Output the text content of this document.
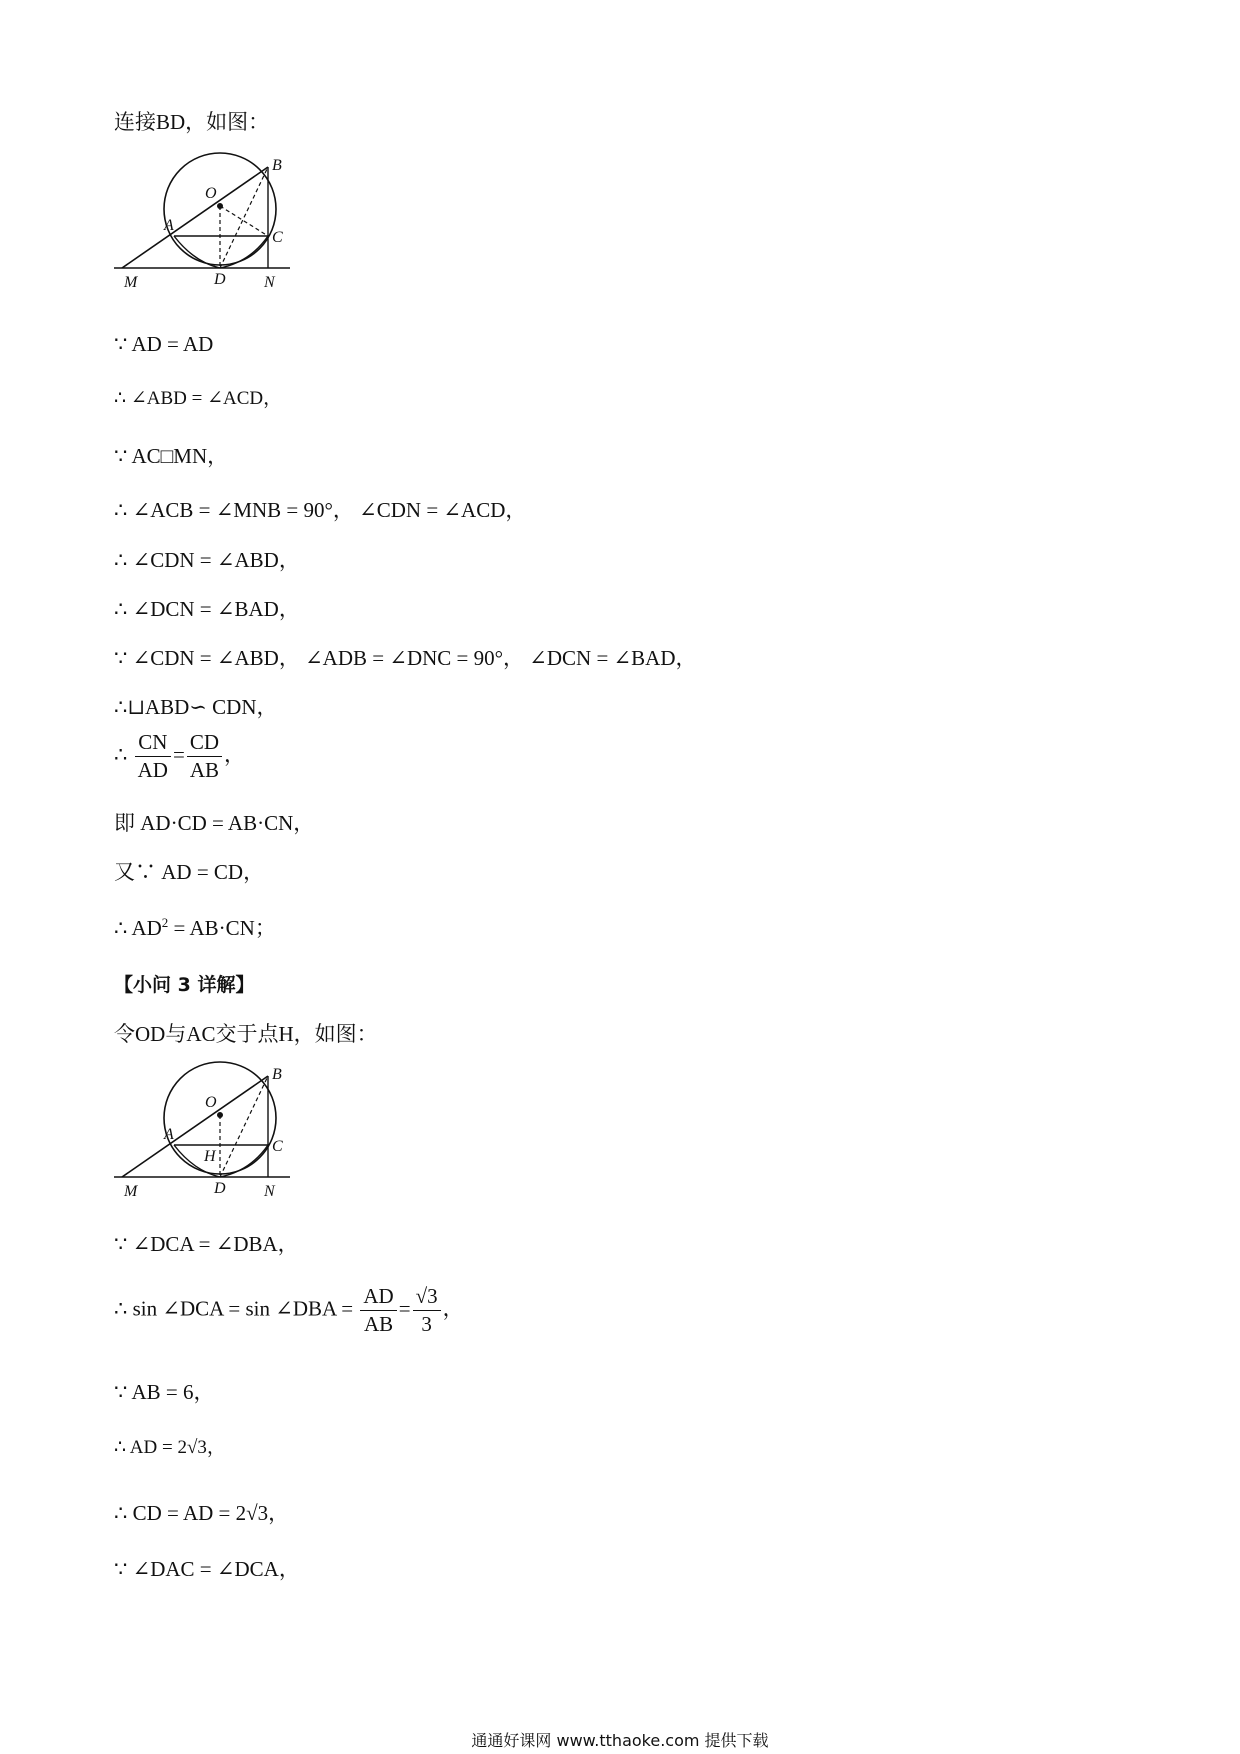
连接BD，如图：
O
B
A
C
M	D N
∵ AD = AD
∴ ∠ABD = ∠ACD，
∵ AC□MN，
∴ ∠ACB = ∠MNB = 90°， ∠CDN = ∠ACD，
∴ ∠CDN = ∠ABD，
∴ ∠DCN = ∠BAD，
∵ ∠CDN = ∠ABD， ∠ADB = ∠DNC = 90°， ∠DCN = ∠BAD，
∴⊔ABD∽ CDN，
∴ $\frac{CN}{AD} = \frac{CD}{AB}$ ，
即 AD·CD = AB·CN，
又∵ AD = CD，
∴ $AD^2 = AB\cdot CN$；
【小问 3 详解】
令OD与AC交于点H，如图：
O
B
A
C
H
M	D N
∵ ∠DCA = ∠DBA，
∴ sin ∠DCA = sin ∠DBA = $\frac{AD}{AB} = \frac{√3}{3}$ ，
∵ AB = 6，
∴ AD = 2√3，
∴ CD = AD = 2√3，
∵ ∠DAC = ∠DCA，
通通好课网 www.tthaoke.com 提供下载
